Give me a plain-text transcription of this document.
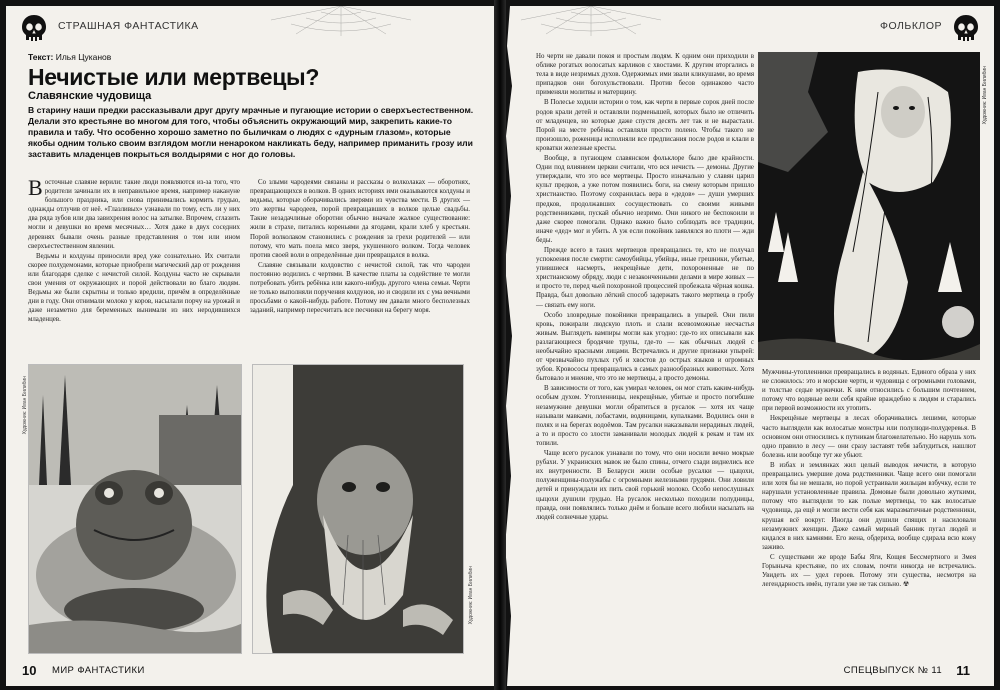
СТРАШНАЯ ФАНТАСТИКА
Текст: Илья Цуканов
Нечистые или мертвецы?
Славянские чудовища

В старину наши предки рассказывали друг другу мрачные и пугающие истории о сверхъестественном. Делали это крестьяне во многом для того, чтобы объяснить окружающий мир, закрепить какие-то правила и табу. Что особенно хорошо заметно по быличкам о людях с «дурным глазом», которые якобы одним только своим взглядом могли ненароком накликать беду, например приманить грозу или заставить младенцев покрыться волдырями с ног до головы.

Восточные славяне верили: такие люди появляются из-за того, что родители зачинали их в неправильное время, например накануне большого праздника, или снова принимались кормить грудью, однажды отлучив от неё. «Глазливых» узнавали по тому, есть ли у них два ряда зубов или два завихрения волос на затылке. Впрочем, сглазить могли и девушки во время месячных… Хотя даже в двух соседних деревнях бывали очень разные представления о том или ином сверхъестественном явлении.

Ведьмы и колдуны приносили вред уже сознательно. Их считали скорее полудемонами, которые приобрели магический дар от рождения или благодаря сделке с нечистой силой. Колдуны часто не скрывали свои умения от окружающих и порой действовали во благо людям. Ведьмы же были скрытны и только вредили, причём в определённые дни в году. Они отнимали молоко у коров, насылали порчу на урожай и даже незаметно для беременных вынимали из них неродившихся младенцев.

Со злыми чародеями связаны и рассказы о волколаках — оборотнях, превращающихся в волков. В одних историях ими оказываются колдуны и ведьмы, которые оборачивались зверями из чувства мести. В других — это жертвы чародеев, порой превращавших в волков целые свадьбы. Такие незадачливые оборотни обычно вначале жалкое существование: жили в страхе, питались кореньями да ягодами, крали хлеб у крестьян. Порой волколаком становились с рождения за грехи родителей — или потому, что мать поела мясо зверя, укушенного волком. Тогда человек против своей воли в определённые дни превращался в волка.

Славяне связывали колдовство с нечистой силой, так что чародеи постоянно водились с чертями. В качестве платы за содействие те могли потребовать убить ребёнка или какого-нибудь другого члена семьи. Черти не только выполняли поручения колдунов, но и сводили их с ума вечными просьбами о какой-нибудь работе. Потому им давали много бесполезных заданий, например пересчитать все песчинки на берегу моря.

Художник: Иван Билибин
Художник: Иван Билибин
10 МИР ФАНТАСТИКИ
ФОЛЬКЛОР

Но черти не давали покоя и простым людям. К одним они приходили в облике рогатых волосатых карликов с хвостами. К другим вторгались в тела в виде незримых духов. Одержимых ими звали кликушами, во время припадков они богохульствовали. Против бесов одинаково часто применяли молитвы и матерщину.

В Полесье ходили истории о том, как черти в первые сорок дней после родов крали детей и оставляли подменышей, которых было не отличить от младенцев, но которые даже спустя десять лет так и не вырастали. Порой на месте ребёнка оставляли просто полено. Чтобы такого не произошло, роженицы исполняли все предписания после родов и клали в кроватки железные кресты.

Вообще, в пугающем славянском фольклоре было две крайности. Одни под влиянием церкви считали, что вся нечисть — демоны. Другие утверждали, что это все мертвецы. Просто изначально у славян царил культ предков, а уже потом появились боги, на смену которым пришло христианство. Поэтому сохранилась вера в «дедов» — души умерших предков, продолжавших сосуществовать со своими живыми родственниками, пускай обычно незримо. Они никого не беспокоили и даже скорее помогали. Однако важно было соблюдать все традиции, иначе «дед» мог и убить. А уж если покойник заявлялся во плоти — жди беды.

Прежде всего в таких мертвецов превращались те, кто не получал успокоения после смерти: самоубийцы, убийцы, иные грешники, убитые, упившиеся насмерть, некрещёные дети, похороненные не по христианскому обряду, люди с незаконченными делами в мире живых — и просто те, перед чьей похоронной процессией пробежала чёрная кошка. Правда, был довольно лёгкий способ задержать такого мертвеца в гробу — связать ему ноги.

Особо зловредные покойники превращались в упырей. Они пили кровь, пожирали людскую плоть и слали всевозможные несчастья живым. Выглядеть вампиры могли как угодно: где-то их описывали как разлагающиеся бродячие трупы, где-то — как обычных людей с необычайно красными лицами. Встречались и другие признаки упырей: от чрезвычайно пухлых губ и хвостов до острых языков и огромных зубов. Кровососы превращались в самых разнообразных животных. Хотя бытовало и мнение, что это не мертвецы, а просто демоны.

В зависимости от того, как умирал человек, он мог стать каким-нибудь особым духом. Утопленницы, некрещёные, убитые и просто погибшие незамужние девушки могли обратиться в русалок — хотя их чаще называли мавками, лобастами, водяницами, купалками. Водились они в полях и на берегах водоёмов. Там русалки наказывали нерадивых людей, а то и просто со злости заманивали молодых людей к рекам и там их топили.

Чаще всего русалок узнавали по тому, что они носили вечно мокрые рубахи. У украинских мавок не было спины, отчего сзади виднелись все их внутренности. В Беларуси жили особые русалки — цыцохи, полуженщины-полужабы с огромными железными грудями. Они ловили детей и принуждали их пить свой горький молоко. Особо непослушных цыцохи душили грудью. На русалок несколько походили полудницы, правда, они появлялись только днём и больше всего любили насылать на людей солнечные удары.

Художник: Иван Билибин

Мужчины-утопленники превращались в водяных. Единого образа у них не сложилось: это и морские черти, и чудовища с огромными головами, и толстые седые мужички. К ним относились с большим почтением, потому что водяные вели себя крайне враждебно к людям и старались при первой возможности их утопить.

Некрещёные мертвецы в лесах оборачивались лешими, которые часто выглядели как волосатые монстры или полулюди-полудеревья. В основном они относились к путникам благожелательно. Но нарушь хоть одно правило в лесу — они сразу заставят тебя заблудиться, нашлют болезнь или вообще тут же убьют.

В избах и землянках жил целый выводок нечисти, в которую превращались умершие дома родственники. Чаще всего они помогали или хотя бы не мешали, но порой устраивали жильцам взбучку, если те нарушали установленные правила. Домовые были довольно жуткими, потому что выглядели то как полые мертвецы, то как волосатые чудовища, да ещё и могли вести себя как маразматичные родственники, крушая всё вокруг. Иногда они душили спящих и насиловали незамужних женщин. Даже самый мирный банник пугал людей и кидался в них камнями. Его жена, обдериха, вообще сдирала всю кожу заживо.

С существами же вроде Бабы Яги, Кощея Бессмертного и Змея Горыныча крестьяне, по их словам, почти никогда не встречались. Увидеть их — удел героев. Потому эти существа, несмотря на легендарность имён, пугали уже не так сильно. ☢

СПЕЦВЫПУСК № 11 11
